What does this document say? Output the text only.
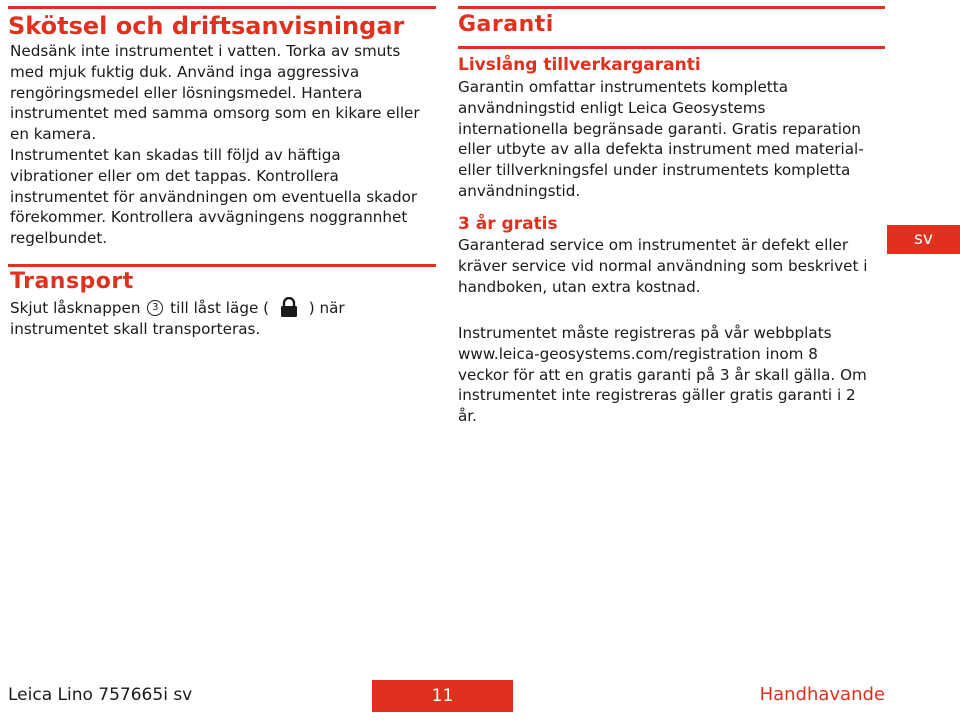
Skötsel och driftsanvisningar

Nedsänk inte instrumentet i vatten. Torka av smuts
med mjuk fuktig duk. Använd inga aggressiva
rengöringsmedel eller lösningsmedel. Hantera
instrumentet med samma omsorg som en kikare eller
en kamera.
Instrumentet kan skadas till följd av häftiga
vibrationer eller om det tappas. Kontrollera
instrumentet för användningen om eventuella skador
förekommer. Kontrollera avvägningens noggrannhet
regelbundet.

Transport
Skjut låsknappen 3 till låst läge (	) när
instrumentet skall transporteras.
Garanti
Livslång tillverkargaranti

Garantin omfattar instrumentets kompletta
användningstid enligt Leica Geosystems
internationella begränsade garanti. Gratis reparation
eller utbyte av alla defekta instrument med material-
eller tillverkningsfel under instrumentets kompletta
användningstid.

3 år gratis

Garanterad service om instrumentet är defekt eller
kräver service vid normal användning som beskrivet i
handboken, utan extra kostnad.

Instrumentet måste registreras på vår webbplats
www.leica-geosystems.com/registration inom 8
veckor för att en gratis garanti på 3 år skall gälla. Om
instrumentet inte registreras gäller gratis garanti i 2
år.

sv
Leica Lino 757665i sv	11	Handhavande
